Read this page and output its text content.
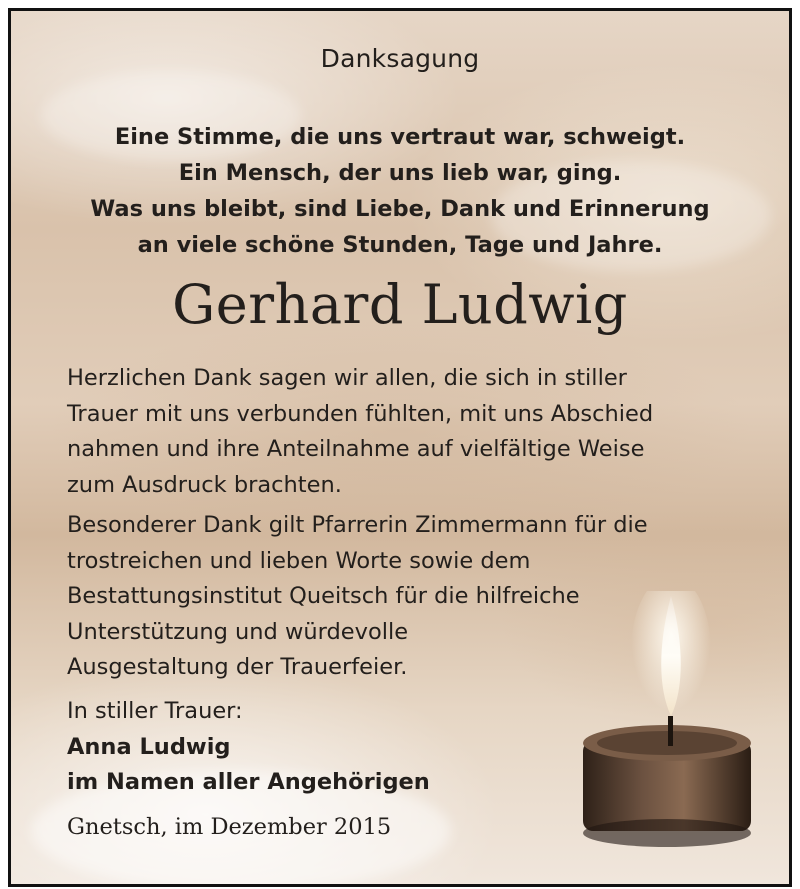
Danksagung
Eine Stimme, die uns vertraut war, schweigt.
Ein Mensch, der uns lieb war, ging.
Was uns bleibt, sind Liebe, Dank und Erinnerung
an viele schöne Stunden, Tage und Jahre.
Gerhard Ludwig
Herzlichen Dank sagen wir allen, die sich in stiller
Trauer mit uns verbunden fühlten, mit uns Abschied
nahmen und ihre Anteilnahme auf vielfältige Weise
zum Ausdruck brachten.
Besonderer Dank gilt Pfarrerin Zimmermann für die
trostreichen und lieben Worte sowie dem
Bestattungsinstitut Queitsch für die hilfreiche
Unterstützung und würdevolle
Ausgestaltung der Trauerfeier.
In stiller Trauer:
Anna Ludwig
im Namen aller Angehörigen
Gnetsch, im Dezember 2015
